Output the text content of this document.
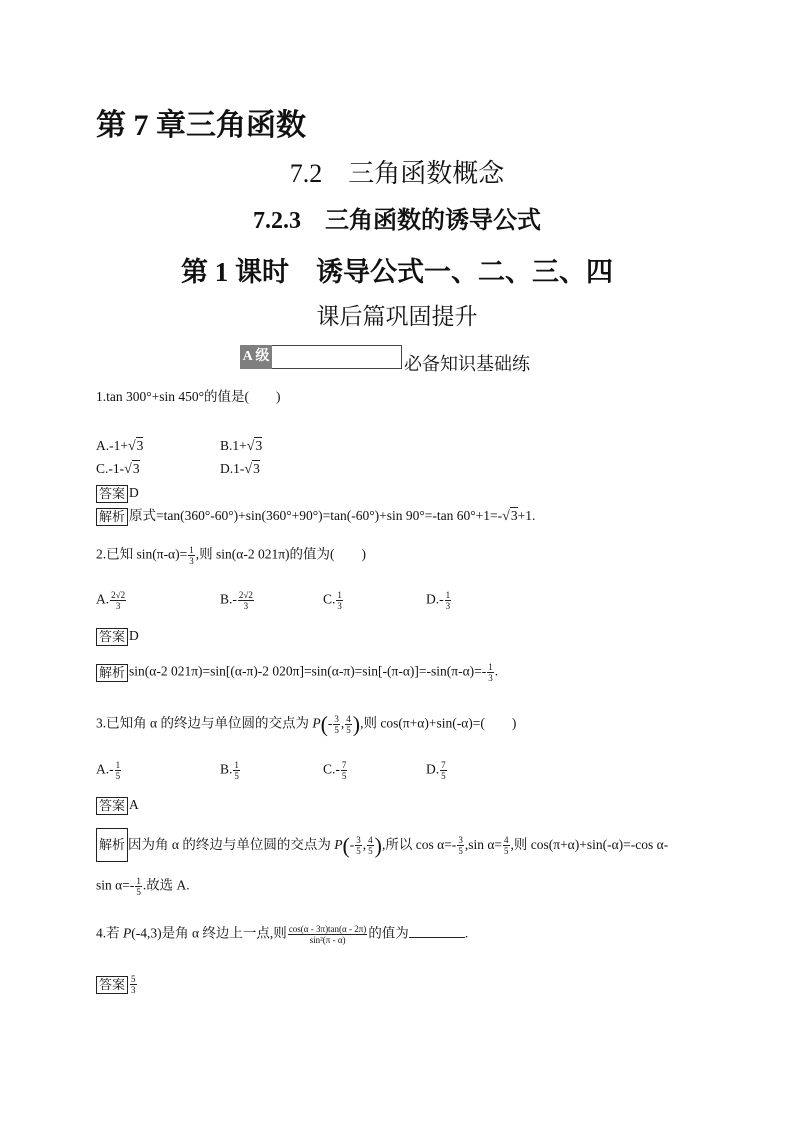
第 7 章三角函数
7.2　三角函数概念
7.2.3　三角函数的诱导公式
第 1 课时　诱导公式一、二、三、四
课后篇巩固提升
A 级	必备知识基础练
1.tan 300°+sin 450°的值是(　　)
A.-1+√3	B.1+√3
C.-1-√3	D.1-√3
答案 D
解析 原式=tan(360°-60°)+sin(360°+90°)=tan(-60°)+sin 90°=-tan 60°+1=-√3+1.
2.已知 $\sin(\pi-\alpha)= \frac{1}{3}$ ,则 sin(α-2 021π)的值为(　　)
A. $\frac{2√2}{3}$	$B.- \frac{2√2}{3}$	C. $\frac{1}{3}$	$D.- \frac{1}{3}$
答案 D
解析 sin(α-2 021π)=sin[(α-π)-2 $020\pi]=\sin(\alpha-\pi)=\sin[-(\pi-\alpha)]=-\sin(\pi-\alpha)=- \frac{1}{3}$ .
3.已知角 α 的终边与单位圆的交点为 $P(- \frac{3}{5}$ , $\frac{4}{5}$ ),则 cos(π+α)+sin(-α)=(　　)
$A.- \frac{1}{5}$	B. $\frac{1}{5}$	$C.- \frac{7}{5}$	D. $\frac{7}{5}$
答案 A
解析 因为角 α 的终边与单位圆的交点为 $P(- \frac{3}{5}$ , $\frac{4}{5}$ ),所以 $\cos \alpha=- \frac{3}{5} ,\sin$ $\alpha= \frac{4}{5}$ ,则 cos(π+α)+sin(-α)=-cos α-
$\sin \alpha=- \frac{1}{5}$ .故选 A.
4.若 P(-4,3)是角 α 终边上一点,则 $\frac{\cos(\alpha - 3\pi)\tan(\alpha - 2\pi)}{\text{sin²(π - α)}}$ 的值为	.
答案 $\frac{5}{3}$
